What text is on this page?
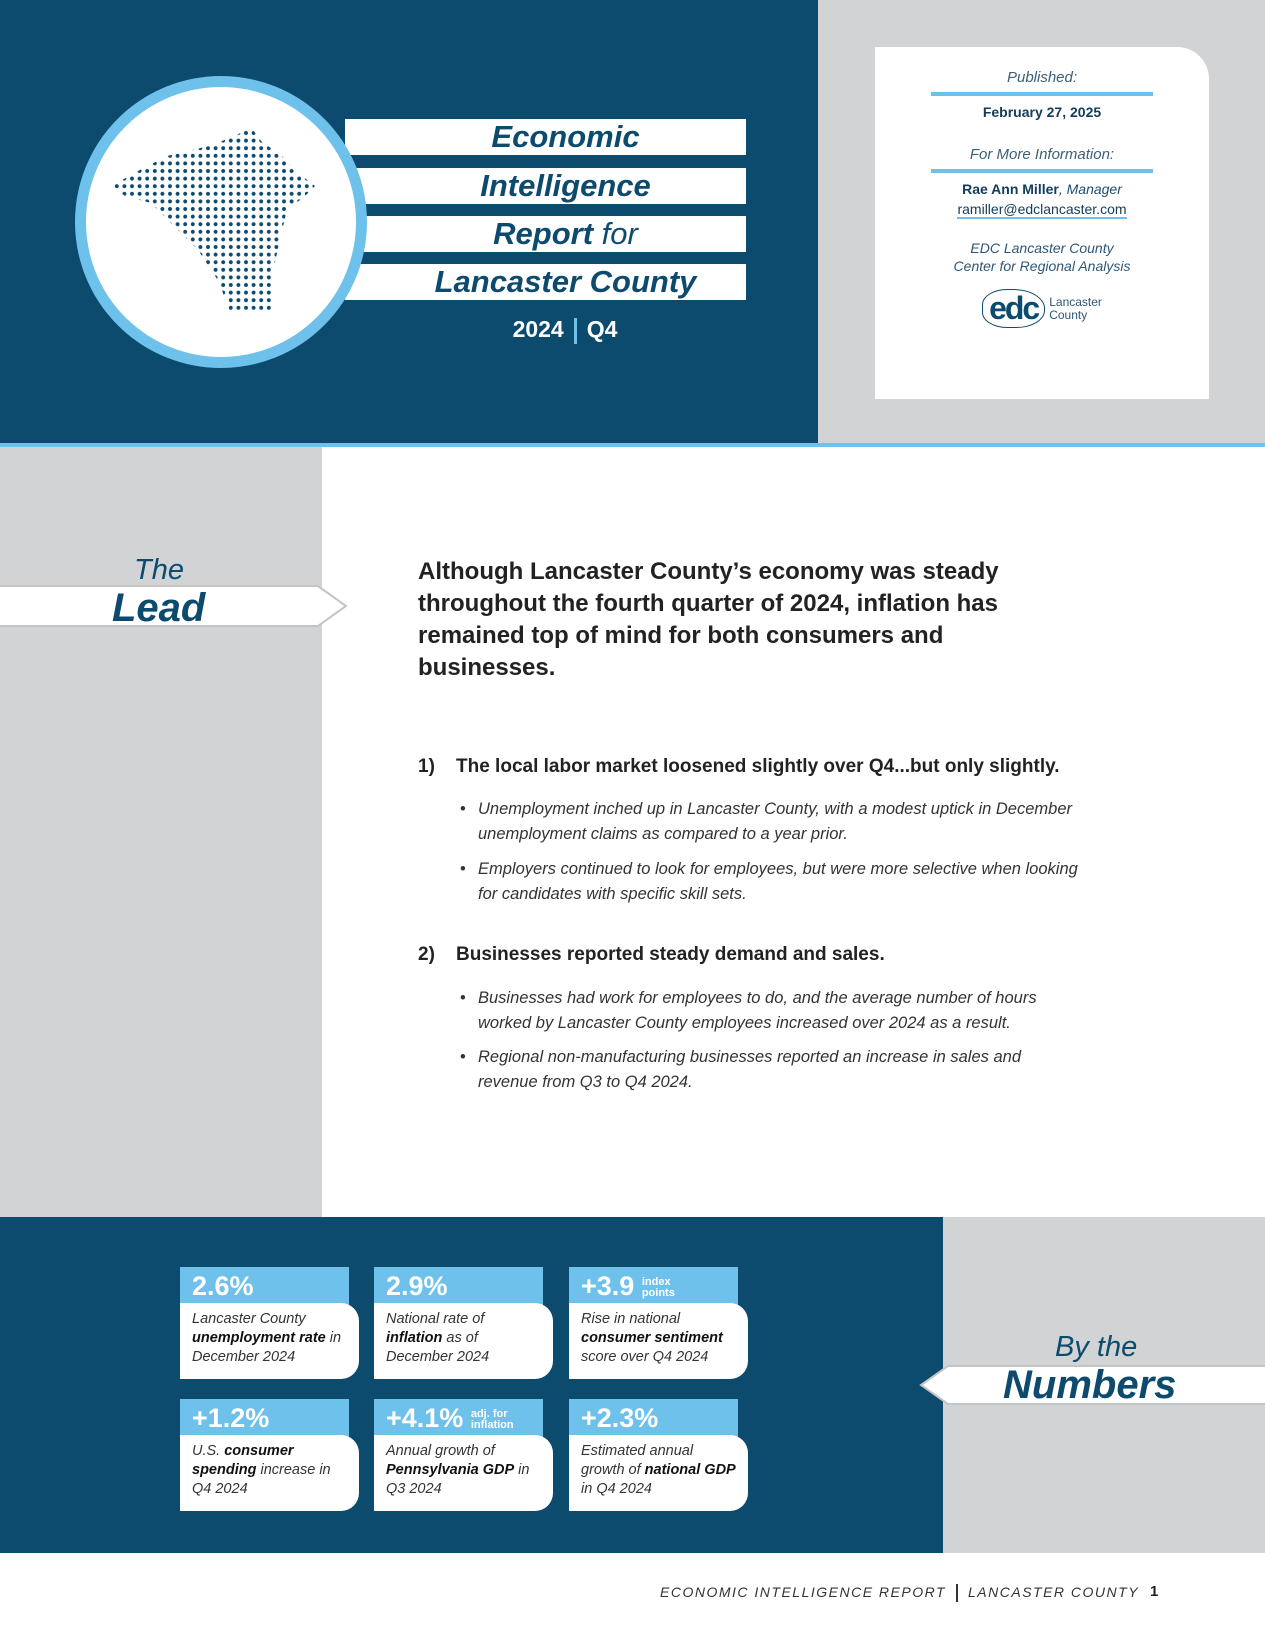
Economic
Intelligence
Report for
Lancaster County
2024 Q4
Published:
February 27, 2025
For More Information:
Rae Ann Miller, Manager
ramiller@edclancaster.com
EDC Lancaster County
Center for Regional Analysis
edc Lancaster
County
The
Lead
Although Lancaster County’s economy was steady throughout the fourth quarter of 2024, inflation has remained top of mind for both consumers and businesses.
1) The local labor market loosened slightly over Q4...but only slightly.
• Unemployment inched up in Lancaster County, with a modest uptick in December unemployment claims as compared to a year prior.
• Employers continued to look for employees, but were more selective when looking for candidates with specific skill sets.
2) Businesses reported steady demand and sales.
• Businesses had work for employees to do, and the average number of hours worked by Lancaster County employees increased over 2024 as a result.
• Regional non-manufacturing businesses reported an increase in sales and revenue from Q3 to Q4 2024.
By the
Numbers
2.6%
Lancaster County unemployment rate in December 2024
2.9%
National rate of inflation as of December 2024
+3.9 index points
Rise in national consumer sentiment score over Q4 2024
+1.2%
U.S. consumer spending increase in Q4 2024
+4.1% adj. for inflation
Annual growth of Pennsylvania GDP in Q3 2024
+2.3%
Estimated annual growth of national GDP in Q4 2024
ECONOMIC INTELLIGENCE REPORT LANCASTER COUNTY 1
